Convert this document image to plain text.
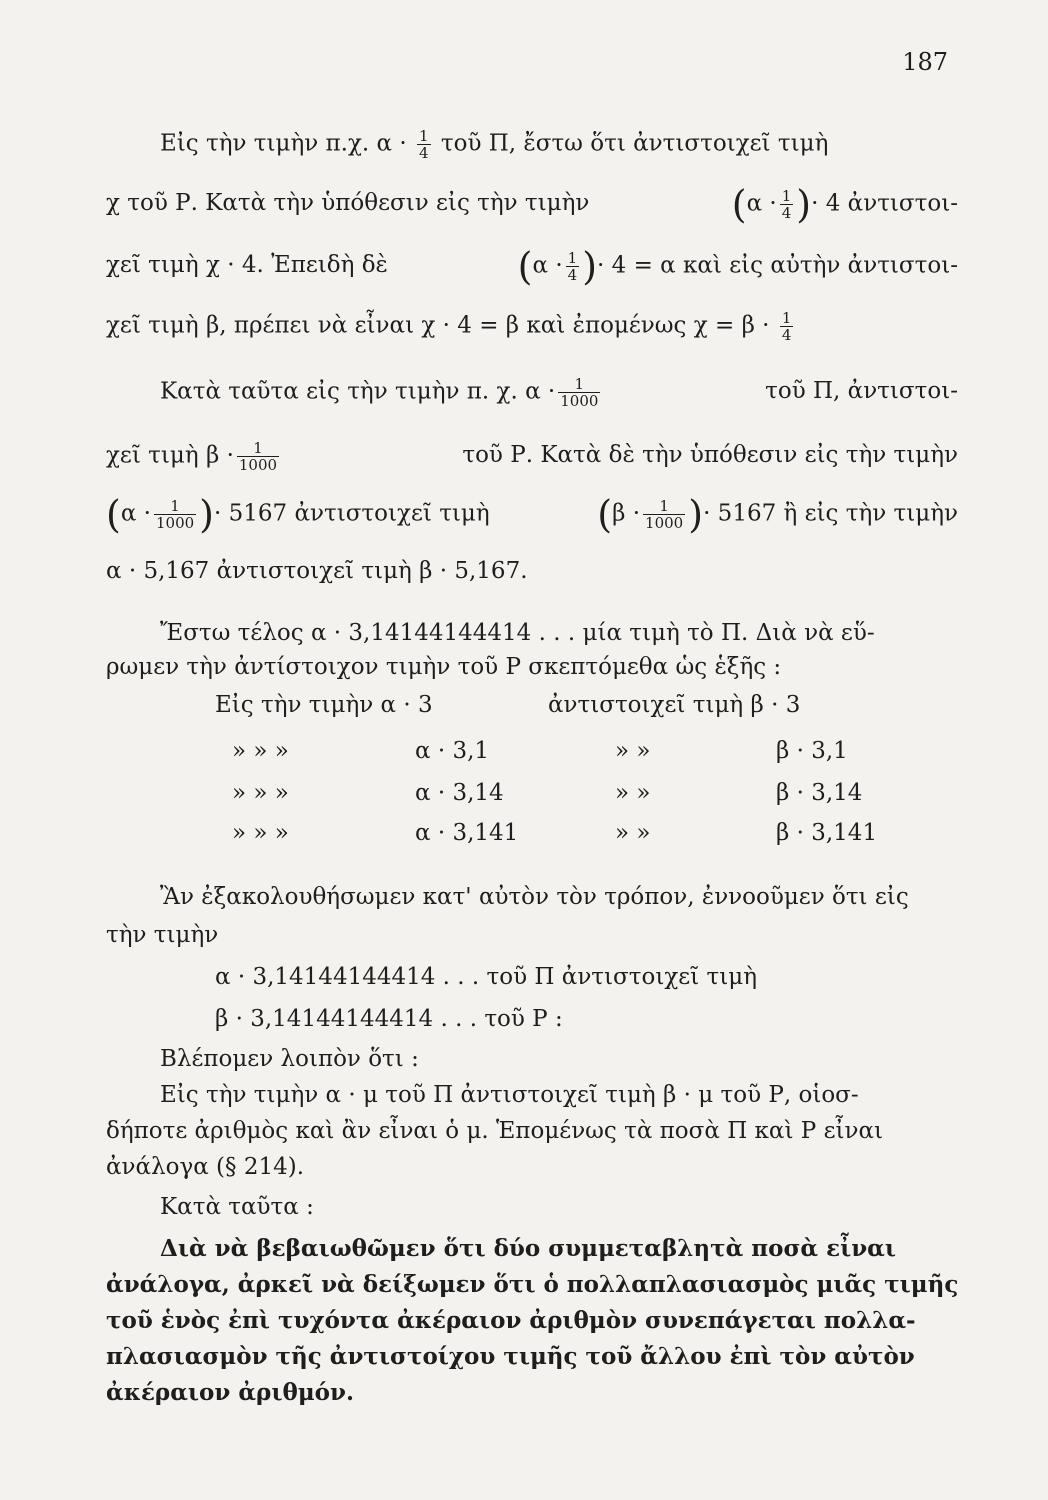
187
Εἰς τὴν τιμὴν π.χ. $\alpha \cdot \frac{1}{4}$ τοῦ Π, ἔστω ὅτι ἀντιστοιχεῖ τιμὴ
χ τοῦ Ρ. Κατὰ τὴν ὑπόθεσιν εἰς τὴν τιμὴν	($\alpha \cdot \frac{1}{4}$ )· 4 ἀντιστοι-
χεῖ τιμὴ χ · 4. Ἐπειδὴ δὲ	($\alpha \cdot \frac{1}{4}$ )· 4 = α καὶ εἰς αὐτὴν ἀντιστοι-
χεῖ τιμὴ β, πρέπει νὰ εἶναι χ · 4 = β καὶ ἐπομένως $\chi = \beta \cdot \frac{1}{4}$
Κατὰ ταῦτα εἰς τὴν τιμὴν π. χ. $\alpha \cdot \frac{1}{1000}$	τοῦ Π, ἀντιστοι-
χεῖ τιμὴ $\beta \cdot \frac{1}{1000}$	τοῦ Ρ. Κατὰ δὲ τὴν ὑπόθεσιν εἰς τὴν τιμὴν
($\alpha \cdot \frac{1}{1000}$ )· 5167 ἀντιστοιχεῖ τιμὴ	($\beta \cdot \frac{1}{1000}$ )· 5167 ἢ εἰς τὴν τιμὴν
α · 5,167 ἀντιστοιχεῖ τιμὴ β · 5,167.
Ἔστω τέλος α · 3,14144144414 . . . μία τιμὴ τὸ Π. Διὰ νὰ εὕ-
ρωμεν τὴν ἀντίστοιχον τιμὴν τοῦ Ρ σκεπτόμεθα ὡς ἑξῆς :
Εἰς τὴν τιμὴν α · 3	ἀντιστοιχεῖ τιμὴ β · 3
» » »	α · 3,1	» »	β · 3,1
» » »	α · 3,14	» »	β · 3,14
» » »	α · 3,141	» »	β · 3,141
Ἂν ἐξακολουθήσωμεν κατ' αὐτὸν τὸν τρόπον, ἐννοοῦμεν ὅτι εἰς
τὴν τιμὴν
α · 3,14144144414 . . . τοῦ Π ἀντιστοιχεῖ τιμὴ
β · 3,14144144414 . . . τοῦ Ρ :
Βλέπομεν λοιπὸν ὅτι :
Εἰς τὴν τιμὴν α · μ τοῦ Π ἀντιστοιχεῖ τιμὴ β · μ τοῦ Ρ, οἱοσ-
δήποτε ἀριθμὸς καὶ ἂν εἶναι ὁ μ. Ἑπομένως τὰ ποσὰ Π καὶ Ρ εἶναι
ἀνάλογα (§ 214).
Κατὰ ταῦτα :
Διὰ νὰ βεβαιωθῶμεν ὅτι δύο συμμεταβλητὰ ποσὰ εἶναι
ἀνάλογα, ἀρκεῖ νὰ δείξωμεν ὅτι ὁ πολλαπλασιασμὸς μιᾶς τιμῆς
τοῦ ἑνὸς ἐπὶ τυχόντα ἀκέραιον ἀριθμὸν συνεπάγεται πολλα-
πλασιασμὸν τῆς ἀντιστοίχου τιμῆς τοῦ ἄλλου ἐπὶ τὸν αὐτὸν
ἀκέραιον ἀριθμόν.
